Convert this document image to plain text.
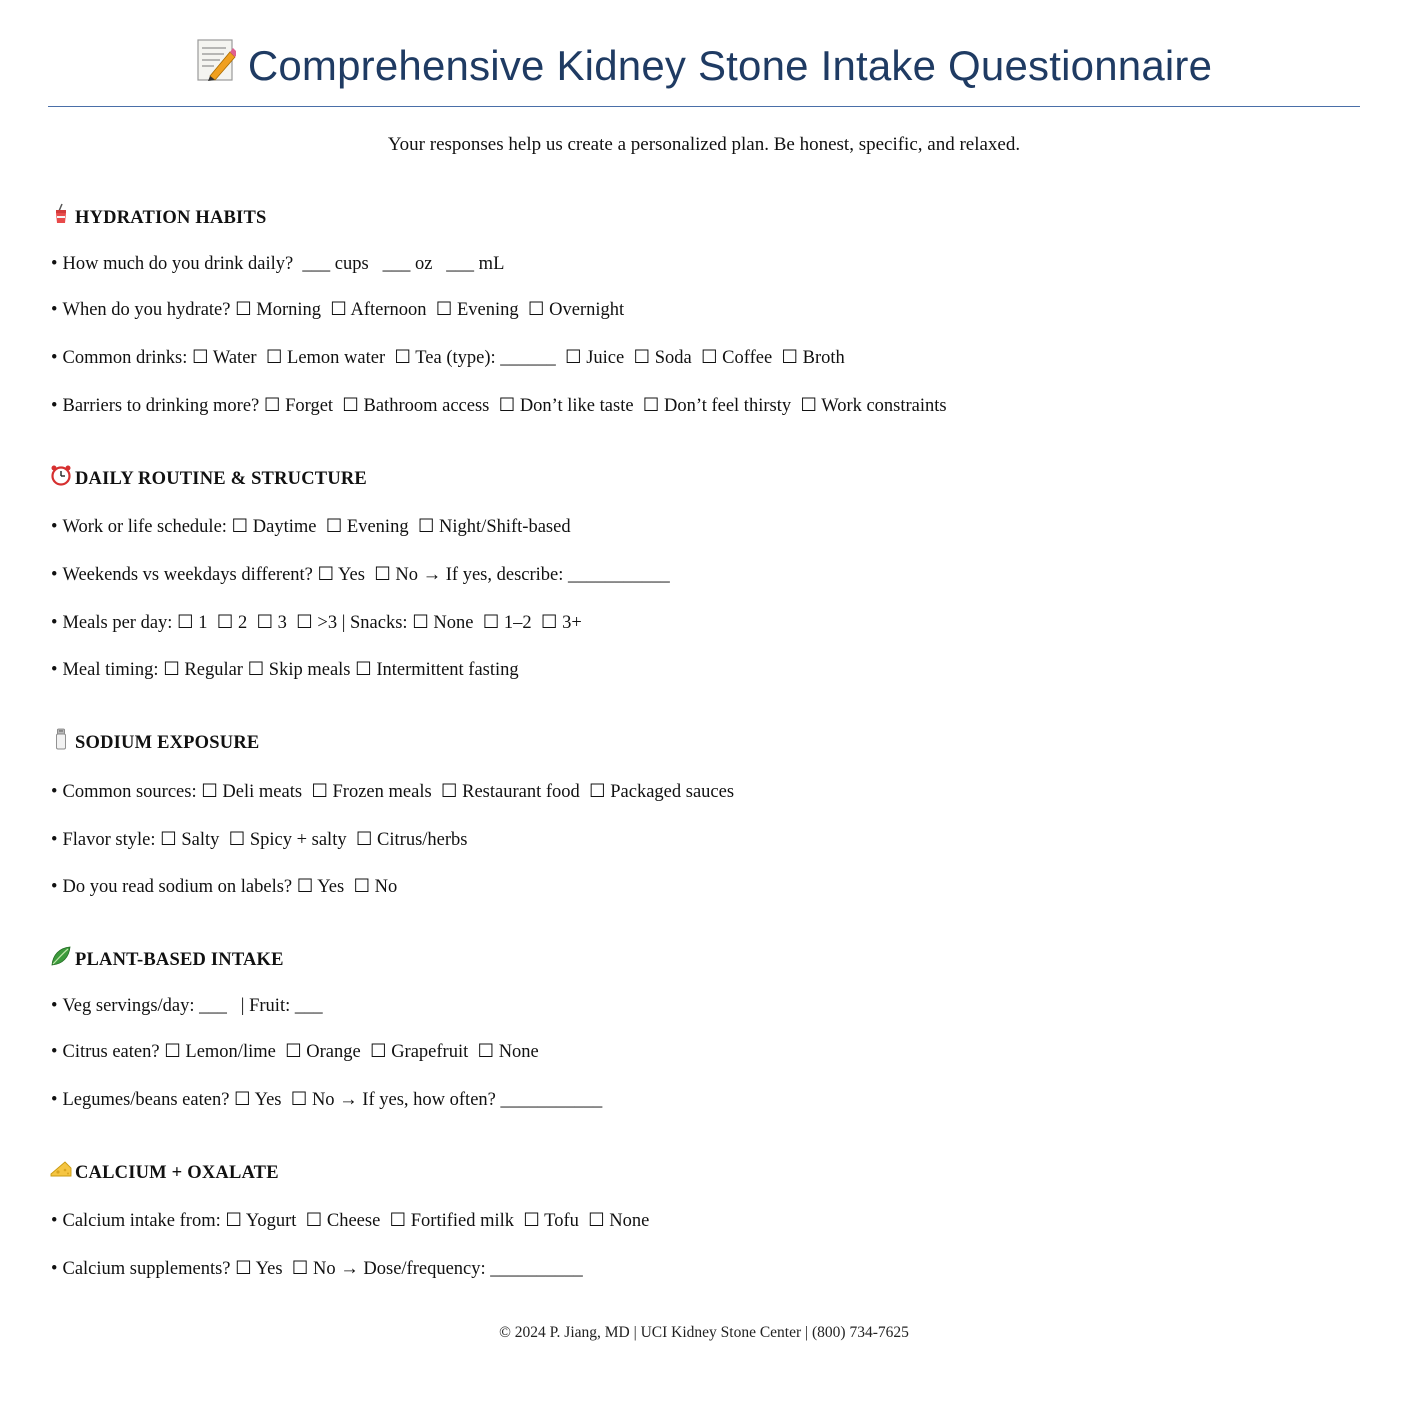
Comprehensive Kidney Stone Intake Questionnaire
Your responses help us create a personalized plan. Be honest, specific, and relaxed.
HYDRATION HABITS
• How much do you drink daily?  ___ cups   ___ oz   ___ mL
• When do you hydrate? ☐ Morning  ☐ Afternoon  ☐ Evening  ☐ Overnight
• Common drinks: ☐ Water  ☐ Lemon water  ☐ Tea (type): ______  ☐ Juice  ☐ Soda  ☐ Coffee  ☐ Broth
• Barriers to drinking more? ☐ Forget  ☐ Bathroom access  ☐ Don’t like taste  ☐ Don’t feel thirsty  ☐ Work constraints
DAILY ROUTINE & STRUCTURE
• Work or life schedule: ☐ Daytime  ☐ Evening  ☐ Night/Shift-based
• Weekends vs weekdays different? ☐ Yes  ☐ No → If yes, describe: ___________
• Meals per day: ☐ 1  ☐ 2  ☐ 3  ☐ >3 | Snacks: ☐ None  ☐ 1–2  ☐ 3+
• Meal timing: ☐ Regular ☐ Skip meals ☐ Intermittent fasting
SODIUM EXPOSURE
• Common sources: ☐ Deli meats  ☐ Frozen meals  ☐ Restaurant food  ☐ Packaged sauces
• Flavor style: ☐ Salty  ☐ Spicy + salty  ☐ Citrus/herbs
• Do you read sodium on labels? ☐ Yes  ☐ No
PLANT-BASED INTAKE
• Veg servings/day: ___   | Fruit: ___
• Citrus eaten? ☐ Lemon/lime  ☐ Orange  ☐ Grapefruit  ☐ None
• Legumes/beans eaten? ☐ Yes  ☐ No → If yes, how often? ___________
CALCIUM + OXALATE
• Calcium intake from: ☐ Yogurt  ☐ Cheese  ☐ Fortified milk  ☐ Tofu  ☐ None
• Calcium supplements? ☐ Yes  ☐ No → Dose/frequency: __________
© 2024 P. Jiang, MD | UCI Kidney Stone Center | (800) 734-7625
